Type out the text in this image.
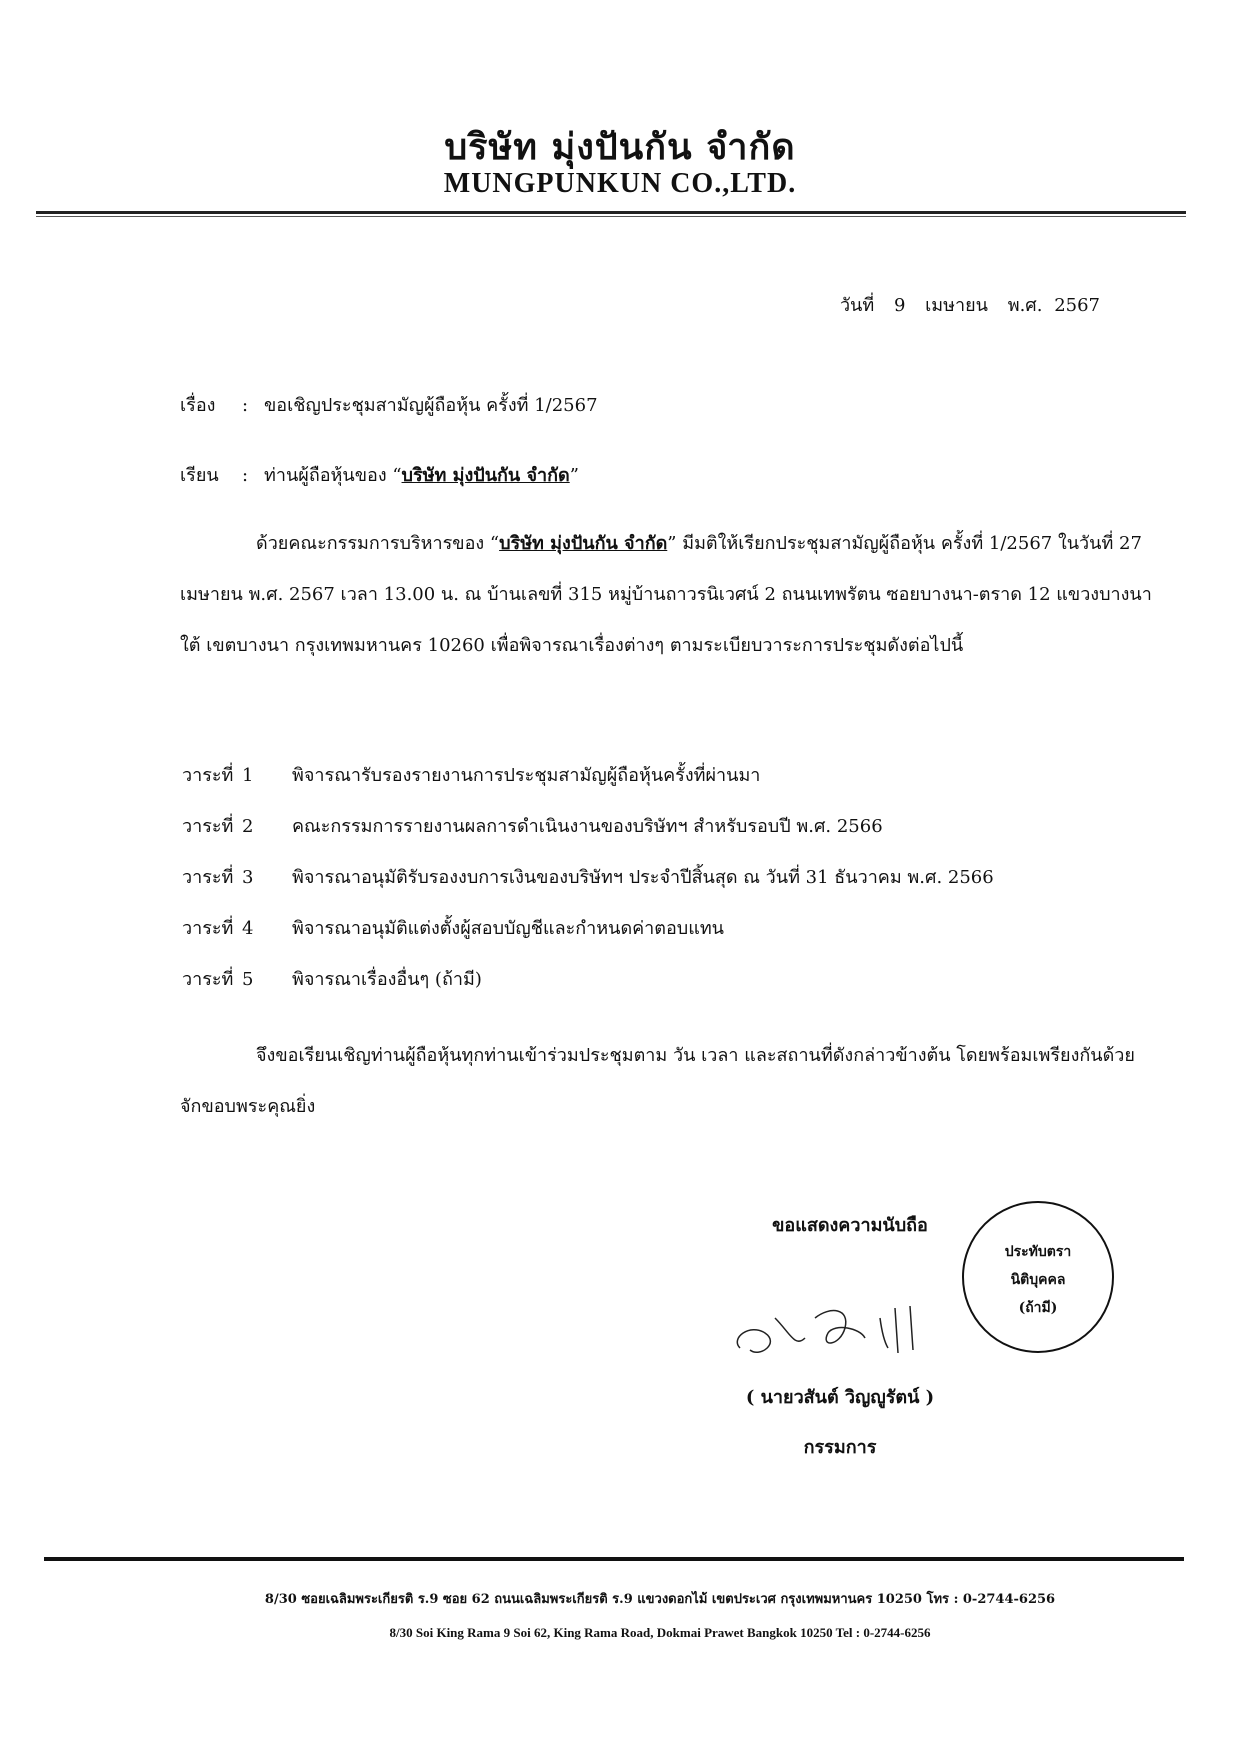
บริษัท มุ่งปันกัน จำกัด
MUNGPUNKUN CO.,LTD.
วันที่ 9 เมษายน พ.ศ. 2567
เรื่อง : ขอเชิญประชุมสามัญผู้ถือหุ้น ครั้งที่ 1/2567
เรียน : ท่านผู้ถือหุ้นของ “บริษัท มุ่งปันกัน จำกัด”
ด้วยคณะกรรมการบริหารของ “บริษัท มุ่งปันกัน จำกัด” มีมติให้เรียกประชุมสามัญผู้ถือหุ้น ครั้งที่ 1/2567 ในวันที่ 27 เมษายน พ.ศ. 2567 เวลา 13.00 น. ณ บ้านเลขที่ 315 หมู่บ้านถาวรนิเวศน์ 2 ถนนเทพรัตน ซอยบางนา-ตราด 12 แขวงบางนาใต้ เขตบางนา กรุงเทพมหานคร 10260 เพื่อพิจารณาเรื่องต่างๆ ตามระเบียบวาระการประชุมดังต่อไปนี้
วาระที่ 1 พิจารณารับรองรายงานการประชุมสามัญผู้ถือหุ้นครั้งที่ผ่านมา
วาระที่ 2 คณะกรรมการรายงานผลการดำเนินงานของบริษัทฯ สำหรับรอบปี พ.ศ. 2566
วาระที่ 3 พิจารณาอนุมัติรับรองงบการเงินของบริษัทฯ ประจำปีสิ้นสุด ณ วันที่ 31 ธันวาคม พ.ศ. 2566
วาระที่ 4 พิจารณาอนุมัติแต่งตั้งผู้สอบบัญชีและกำหนดค่าตอบแทน
วาระที่ 5 พิจารณาเรื่องอื่นๆ (ถ้ามี)
จึงขอเรียนเชิญท่านผู้ถือหุ้นทุกท่านเข้าร่วมประชุมตาม วัน เวลา และสถานที่ดังกล่าวข้างต้น โดยพร้อมเพรียงกันด้วย จักขอบพระคุณยิ่ง
ขอแสดงความนับถือ
( นายวสันต์ วิญญูรัตน์ )
กรรมการ
ประทับตรา
นิติบุคคล
(ถ้ามี)
8/30 ซอยเฉลิมพระเกียรติ ร.9 ซอย 62 ถนนเฉลิมพระเกียรติ ร.9 แขวงดอกไม้ เขตประเวศ กรุงเทพมหานคร 10250 โทร : 0-2744-6256
8/30 Soi King Rama 9 Soi 62, King Rama Road, Dokmai Prawet Bangkok 10250 Tel : 0-2744-6256
